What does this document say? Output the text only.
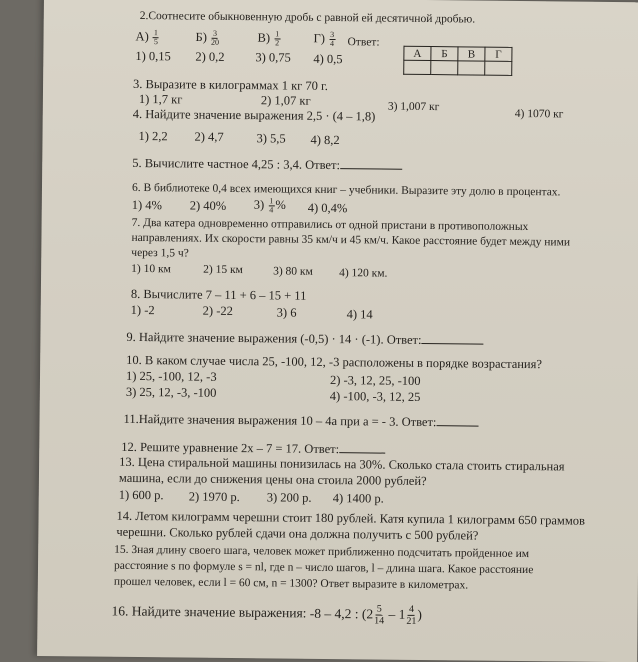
2.Соотнесите обыкновенную дробь с равной ей десятичной дробью.
$А) \frac{1}{5}$	$Б) \frac{3}{20}$	$В) \frac{1}{2}$	$Г) \frac{3}{4}$ Ответ:
1) 0,15 2) 0,2 3) 0,75 4) 0,5	А	Б	В	Г

3. Выразите в килограммах 1 кг 70 г.
1) 1,7 кг	2) 1,07 кг	3) 1,007 кг
4) 1070 кг
4. Найдите значение выражения 2,5 · (4 – 1,8)
1) 2,2 2) 4,7	3) 5,5 4) 8,2
5. Вычислите частное 4,25 : 3,4. Ответ:
6. В библиотеке 0,4 всех имеющихся книг – учебники. Выразите эту долю в процентах.
1) 4% 2) 40% $3) \frac{1}{4}$ % 4) 0,4%
7. Два катера одновременно отправились от одной пристани в противоположных
направлениях. Их скорости равны 35 км/ч и 45 км/ч. Какое расстояние будет между ними
через 1,5 ч?
1) 10 км	2) 15 км	3) 80 км 4) 120 км.
8. Вычислите 7 – 11 + 6 – 15 + 11
1) -2	2) -22	3) 6	4) 14
9. Найдите значение выражения (-0,5) · 14 · (-1). Ответ:
10. В каком случае числа 25, -100, 12, -3 расположены в порядке возрастания?
1) 25, -100, 12, -3	2) -3, 12, 25, -100
3) 25, 12, -3, -100	4) -100, -3, 12, 25
11.Найдите значения выражения 10 – 4a при a = - 3. Ответ:
12. Решите уравнение 2x – 7 = 17. Ответ:
13. Цена стиральной машины понизилась на 30%. Сколько стала стоить стиральная
машина, если до снижения цены она стоила 2000 рублей?
1) 600 р. 2) 1970 р. 3) 200 р. 4) 1400 р.
14. Летом килограмм черешни стоит 180 рублей. Катя купила 1 килограмм 650 граммов
черешни. Сколько рублей сдачи она должна получить с 500 рублей?
15. Зная длину своего шага, человек может приближенно подсчитать пройденное им
расстояние s по формуле s = nl, где n – число шагов, l – длина шага. Какое расстояние
прошел человек, если l = 60 см, n = 1300? Ответ выразите в километрах.
16. Найдите значение выражения: -8 – 4,2 : ($2 \frac{5}{14} - 1 \frac{4}{21}$ )
